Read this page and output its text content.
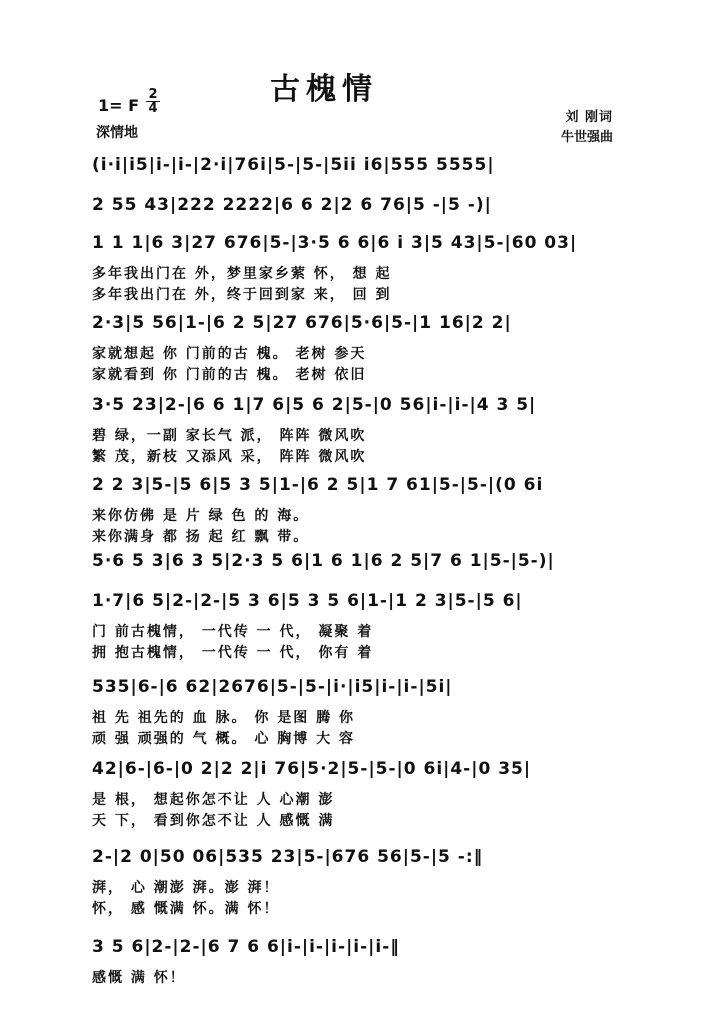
古槐情
1= F $\frac{2}{4}$
深情地
刘 刚词
牛世强曲
(i·i|i5|i-|i-|2·i|76i|5-|5-|5ii i6|555 5555|
2 55 43|222 2222|6 6 2|2 6 76|5 -|5 -)|
1 1 1|6 3|27 676|5-|3·5 6 6|6 i 3|5 43|5-|60 03|
多年我出门在 外，梦里家乡萦 怀， 想 起
多年我出门在 外，终于回到家 来， 回 到
2·3|5 56|1-|6 2 5|27 676|5·6|5-|1 16|2 2|
家就想起 你 门前的古 槐。 老树 参天
家就看到 你 门前的古 槐。 老树 依旧
3·5 23|2-|6 6 1|7 6|5 6 2|5-|0 56|i-|i-|4 3 5|
碧 绿，一副 家长气 派， 阵阵 微风吹
繁 茂，新枝 又添风 采， 阵阵 微风吹
2 2 3|5-|5 6|5 3 5|1-|6 2 5|1 7 61|5-|5-|(0 6i
来你仿佛 是 片 绿 色 的 海。
来你满身 都 扬 起 红 飘 带。
5·6 5 3|6 3 5|2·3 5 6|1 6 1|6 2 5|7 6 1|5-|5-)|
1·7|6 5|2-|2-|5 3 6|5 3 5 6|1-|1 2 3|5-|5 6|
门 前古槐情， 一代传 一 代， 凝聚 着
拥 抱古槐情， 一代传 一 代， 你有 着
535|6-|6 62|2676|5-|5-|i·|i5|i-|i-|5i|
祖 先 祖先的 血 脉。 你 是图 腾 你
顽 强 顽强的 气 概。 心 胸博 大 容
42|6-|6-|0 2|2 2|i 76|5·2|5-|5-|0 6i|4-|0 35|
是 根， 想起你怎不让 人 心潮 澎
天 下， 看到你怎不让 人 感慨 满
2-|2 0|50 06|535 23|5-|676 56|5-|5 -:‖
湃， 心 潮澎 湃。澎 湃！
怀， 感 慨满 怀。满 怀！
3 5 6|2-|2-|6 7 6 6|i-|i-|i-|i-|i-‖
感慨 满 怀！
